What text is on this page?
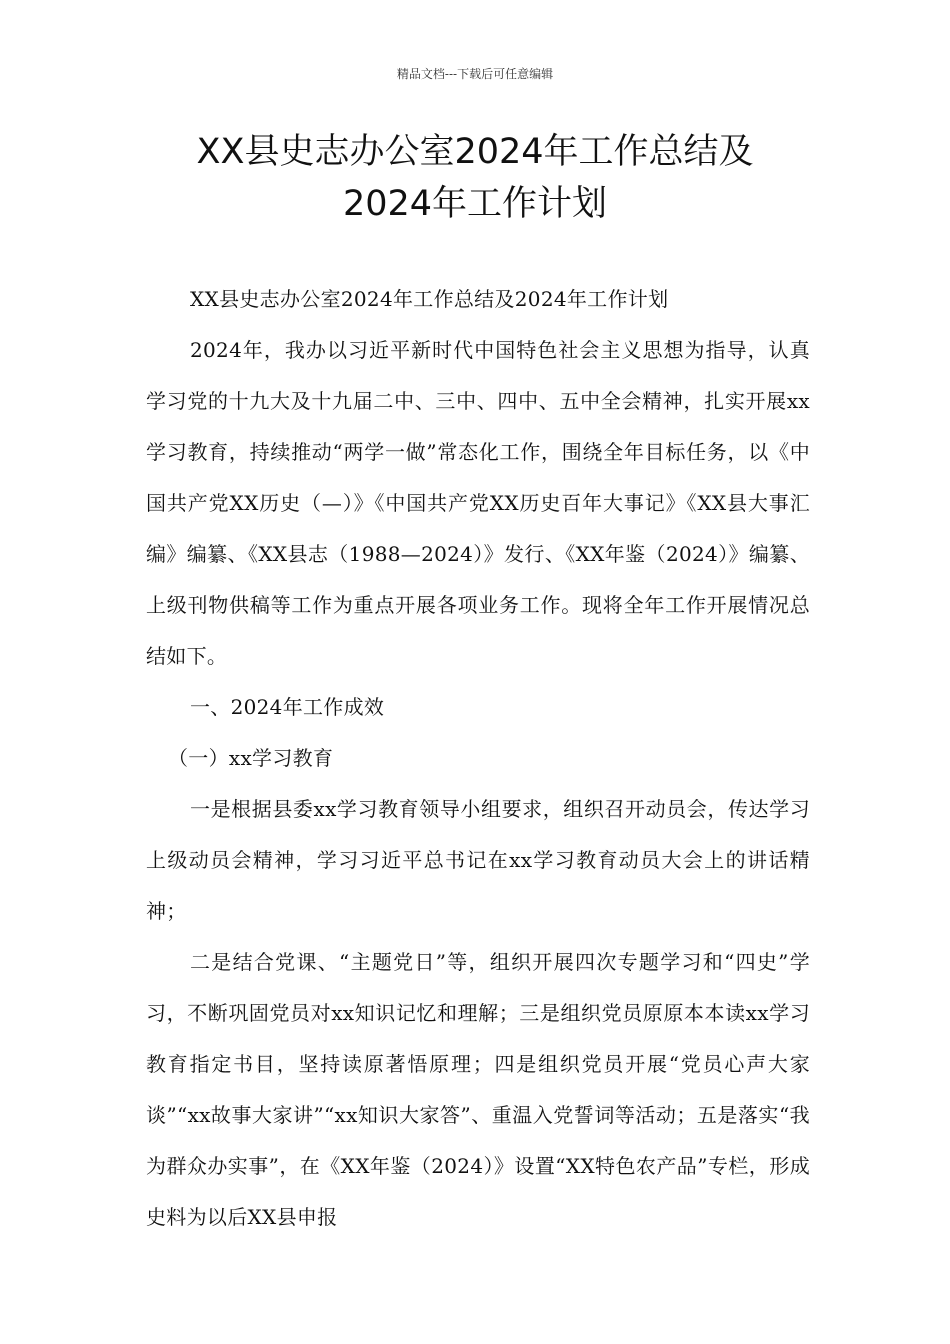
精品文档---下载后可任意编辑
XX县史志办公室2024年工作总结及
2024年工作计划

XX县史志办公室2024年工作总结及2024年工作计划

2024年，我办以习近平新时代中国特色社会主义思想为指导，认真学习党的十九大及十九届二中、三中、四中、五中全会精神，扎实开展xx学习教育，持续推动“两学一做”常态化工作，围绕全年目标任务，以《中国共产党XX历史（—）》《中国共产党XX历史百年大事记》《XX县大事汇编》编纂、《XX县志（1988—2024）》发行、《XX年鉴（2024）》编纂、上级刊物供稿等工作为重点开展各项业务工作。现将全年工作开展情况总结如下。

一、2024年工作成效

（一）xx学习教育

一是根据县委xx学习教育领导小组要求，组织召开动员会，传达学习上级动员会精神，学习习近平总书记在xx学习教育动员大会上的讲话精神；

二是结合党课、“主题党日”等，组织开展四次专题学习和“四史”学习，不断巩固党员对xx知识记忆和理解；三是组织党员原原本本读xx学习教育指定书目，坚持读原著悟原理；四是组织党员开展“党员心声大家谈”“xx故事大家讲”“xx知识大家答”、重温入党誓词等活动；五是落实“我为群众办实事”，在《XX年鉴（2024）》设置“XX特色农产品”专栏，形成史料为以后XX县申报
